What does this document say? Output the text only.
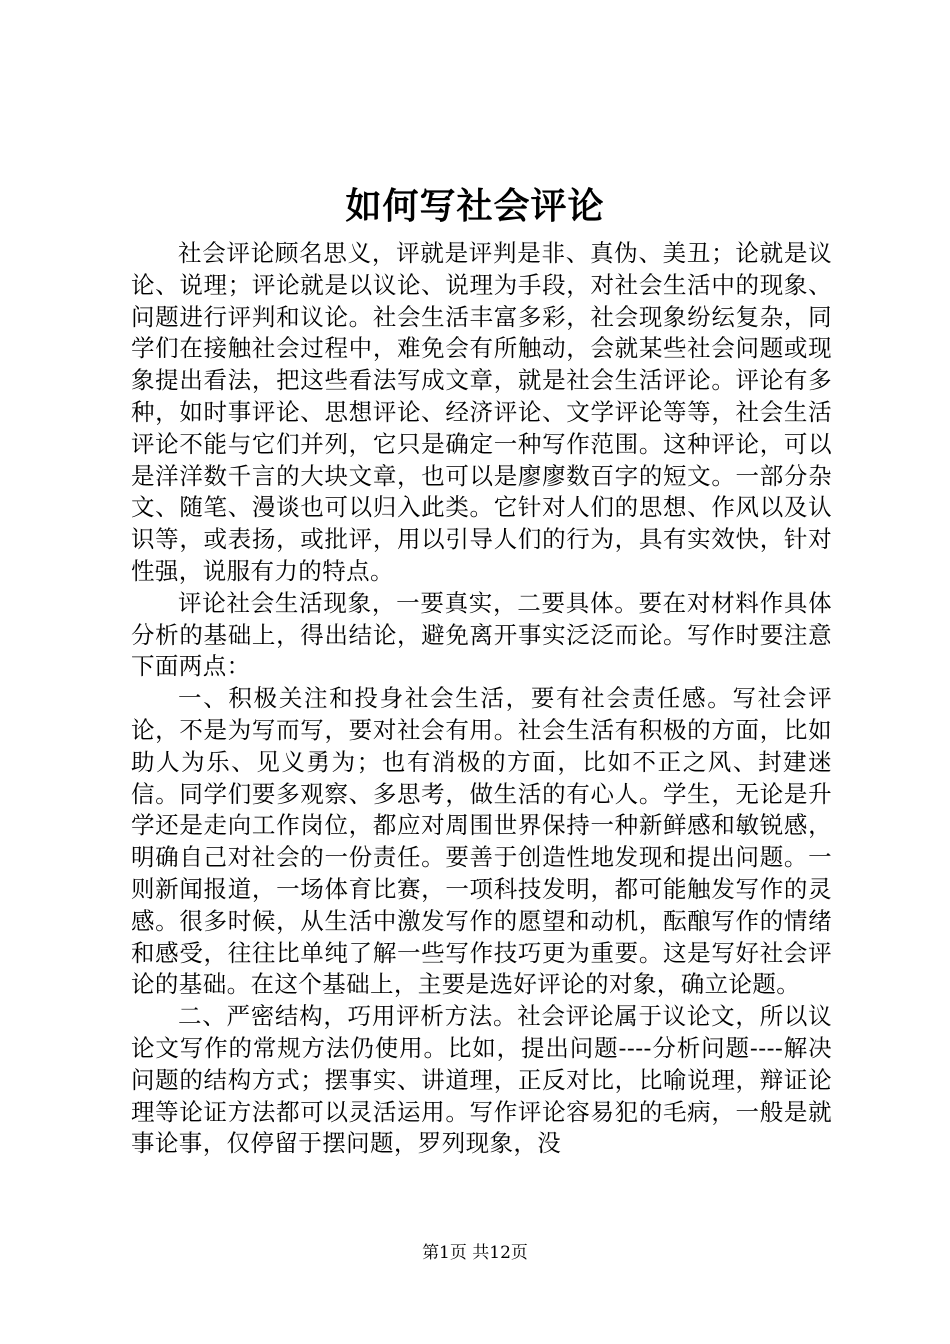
如何写社会评论

社会评论顾名思义，评就是评判是非、真伪、美丑；论就是议论、说理；评论就是以议论、说理为手段，对社会生活中的现象、问题进行评判和议论。社会生活丰富多彩，社会现象纷纭复杂，同学们在接触社会过程中，难免会有所触动，会就某些社会问题或现象提出看法，把这些看法写成文章，就是社会生活评论。评论有多种，如时事评论、思想评论、经济评论、文学评论等等，社会生活评论不能与它们并列，它只是确定一种写作范围。这种评论，可以是洋洋数千言的大块文章，也可以是廖廖数百字的短文。一部分杂文、随笔、漫谈也可以归入此类。它针对人们的思想、作风以及认识等，或表扬，或批评，用以引导人们的行为，具有实效快，针对性强，说服有力的特点。

评论社会生活现象，一要真实，二要具体。要在对材料作具体分析的基础上，得出结论，避免离开事实泛泛而论。写作时要注意下面两点：

一、积极关注和投身社会生活，要有社会责任感。写社会评论，不是为写而写，要对社会有用。社会生活有积极的方面，比如助人为乐、见义勇为；也有消极的方面，比如不正之风、封建迷信。同学们要多观察、多思考，做生活的有心人。学生，无论是升学还是走向工作岗位，都应对周围世界保持一种新鲜感和敏锐感，明确自己对社会的一份责任。要善于创造性地发现和提出问题。一则新闻报道，一场体育比赛，一项科技发明，都可能触发写作的灵感。很多时候，从生活中激发写作的愿望和动机，酝酿写作的情绪和感受，往往比单纯了解一些写作技巧更为重要。这是写好社会评论的基础。在这个基础上，主要是选好评论的对象，确立论题。

二、严密结构，巧用评析方法。社会评论属于议论文，所以议论文写作的常规方法仍使用。比如，提出问题----分析问题----解决问题的结构方式；摆事实、讲道理，正反对比，比喻说理，辩证论理等论证方法都可以灵活运用。写作评论容易犯的毛病，一般是就事论事，仅停留于摆问题，罗列现象，没

第1页 共12页
